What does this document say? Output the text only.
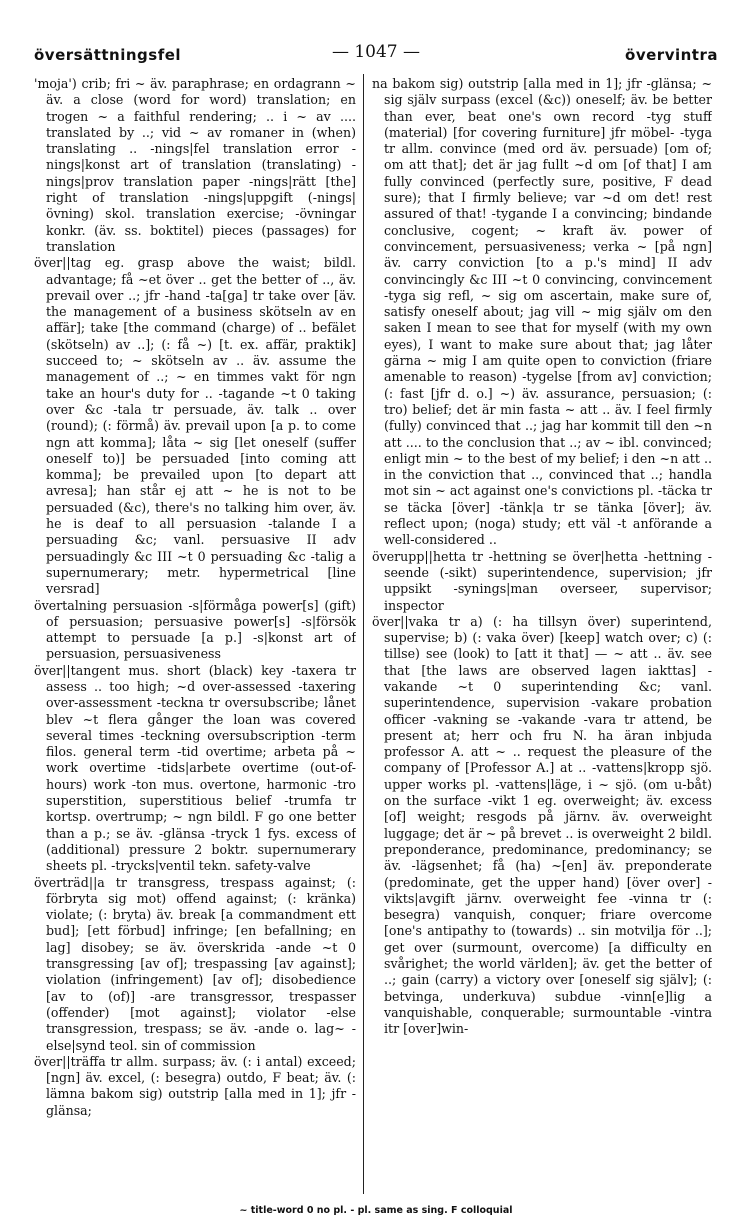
översättningsfel	— 1047 —	övervintra

'moja') crib; fri ~ äv. paraphrase; en ordagrann ~ äv. a close (word for word) translation; en trogen ~ a faithful rendering; .. i ~ av .... translated by ..; vid ~ av romaner in (when) translating .. -nings|fel translation error -nings|konst art of translation (translating) -nings|prov translation paper -nings|rätt [the] right of translation -nings|uppgift (-nings|övning) skol. translation exercise; -övningar konkr. (äv. ss. boktitel) pieces (passages) for translation

över||tag eg. grasp above the waist; bildl. advantage; få ~et över .. get the better of .., äv. prevail over ..; jfr -hand -ta[ga] tr take over [äv. the management of a business skötseln av en affär]; take [the command (charge) of .. befälet (skötseln) av ..]; (: få ~) [t. ex. affär, praktik] succeed to; ~ skötseln av .. äv. assume the management of ..; ~ en timmes vakt för ngn take an hour's duty for .. -tagande ~t 0 taking over &c -tala tr persuade, äv. talk .. over (round); (: förmå) äv. prevail upon [a p. to come ngn att komma]; låta ~ sig [let oneself (suffer oneself to)] be persuaded [into coming att komma]; be prevailed upon [to depart att avresa]; han står ej att ~ he is not to be persuaded (&c), there's no talking him over, äv. he is deaf to all persuasion -talande I a persuading &c; vanl. persuasive II adv persuadingly &c III ~t 0 persuading &c -talig a supernumerary; metr. hypermetrical [line versrad]

övertalning persuasion -s|förmåga power[s] (gift) of persuasion; persuasive power[s] -s|försök attempt to persuade [a p.] -s|konst art of persuasion, persuasiveness

över||tangent mus. short (black) key -taxera tr assess .. too high; ~d over-assessed -taxering over-assessment -teckna tr oversubscribe; lånet blev ~t flera gånger the loan was covered several times -teckning oversubscription -term filos. general term -tid overtime; arbeta på ~ work overtime -tids|arbete overtime (out-of-hours) work -ton mus. overtone, harmonic -tro superstition, superstitious belief -trumfa tr kortsp. overtrump; ~ ngn bildl. F go one better than a p.; se äv. -glänsa -tryck 1 fys. excess of (additional) pressure 2 boktr. supernumerary sheets pl. -trycks|ventil tekn. safety-valve

överträd||a tr transgress, trespass against; (: förbryta sig mot) offend against; (: kränka) violate; (: bryta) äv. break [a commandment ett bud]; [ett förbud] infringe; [en befallning; en lag] disobey; se äv. överskrida -ande ~t 0 transgressing [av of]; trespassing [av against]; violation (infringement) [av of]; disobedience [av to (of)] -are transgressor, trespasser (offender) [mot against]; violator -else transgression, trespass; se äv. -ande o. lag~ -else|synd teol. sin of commission

över||träffa tr allm. surpass; äv. (: i antal) exceed; [ngn] äv. excel, (: besegra) outdo, F beat; äv. (: lämna bakom sig) outstrip [alla med in 1]; jfr -glänsa;

na bakom sig) outstrip [alla med in 1]; jfr -glänsa; ~ sig själv surpass (excel (&c)) oneself; äv. be better than ever, beat one's own record -tyg stuff (material) [for covering furniture] jfr möbel- -tyga tr allm. convince (med ord äv. persuade) [om of; om att that]; det är jag fullt ~d om [of that] I am fully convinced (perfectly sure, positive, F dead sure); that I firmly believe; var ~d om det! rest assured of that! -tygande I a convincing; bindande conclusive, cogent; ~ kraft äv. power of convincement, persuasiveness; verka ~ [på ngn] äv. carry conviction [to a p.'s mind] II adv convincingly &c III ~t 0 convincing, convincement -tyga sig refl, ~ sig om ascertain, make sure of, satisfy oneself about; jag vill ~ mig själv om den saken I mean to see that for myself (with my own eyes), I want to make sure about that; jag låter gärna ~ mig I am quite open to conviction (friare amenable to reason) -tygelse [from av] conviction; (: fast [jfr d. o.] ~) äv. assurance, persuasion; (: tro) belief; det är min fasta ~ att .. äv. I feel firmly (fully) convinced that ..; jag har kommit till den ~n att .... to the conclusion that ..; av ~ ibl. convinced; enligt min ~ to the best of my belief; i den ~n att .. in the conviction that .., convinced that ..; handla mot sin ~ act against one's convictions pl. -täcka tr se täcka [över] -tänk|a tr se tänka [över]; äv. reflect upon; (noga) study; ett väl -t anförande a well-considered ..

överupp||hetta tr -hettning se över|hetta -hettning -seende (-sikt) superintendence, supervision; jfr uppsikt -synings|man overseer, supervisor; inspector

över||vaka tr a) (: ha tillsyn över) superintend, supervise; b) (: vaka över) [keep] watch over; c) (: tillse) see (look) to [att it that] — ~ att .. äv. see that [the laws are observed lagen iakttas] -vakande ~t 0 superintending &c; vanl. superintendence, supervision -vakare probation officer -vakning se -vakande -vara tr attend, be present at; herr och fru N. ha äran inbjuda professor A. att ~ .. request the pleasure of the company of [Professor A.] at .. -vattens|kropp sjö. upper works pl. -vattens|läge, i ~ sjö. (om u-båt) on the surface -vikt 1 eg. overweight; äv. excess [of] weight; resgods på järnv. äv. overweight luggage; det är ~ på brevet .. is overweight 2 bildl. preponderance, predominance, predominancy; se äv. -lägsenhet; få (ha) ~[en] äv. preponderate (predominate, get the upper hand) [över over] -vikts|avgift järnv. overweight fee -vinna tr (: besegra) vanquish, conquer; friare overcome [one's antipathy to (towards) .. sin motvilja för ..]; get over (surmount, overcome) [a difficulty en svårighet; the world världen]; äv. get the better of ..; gain (carry) a victory over [oneself sig själv]; (: betvinga, underkuva) subdue -vinn[e]lig a vanquishable, conquerable; surmountable -vintra itr [over]win-

~ title-word 0 no pl. - pl. same as sing. F colloquial
